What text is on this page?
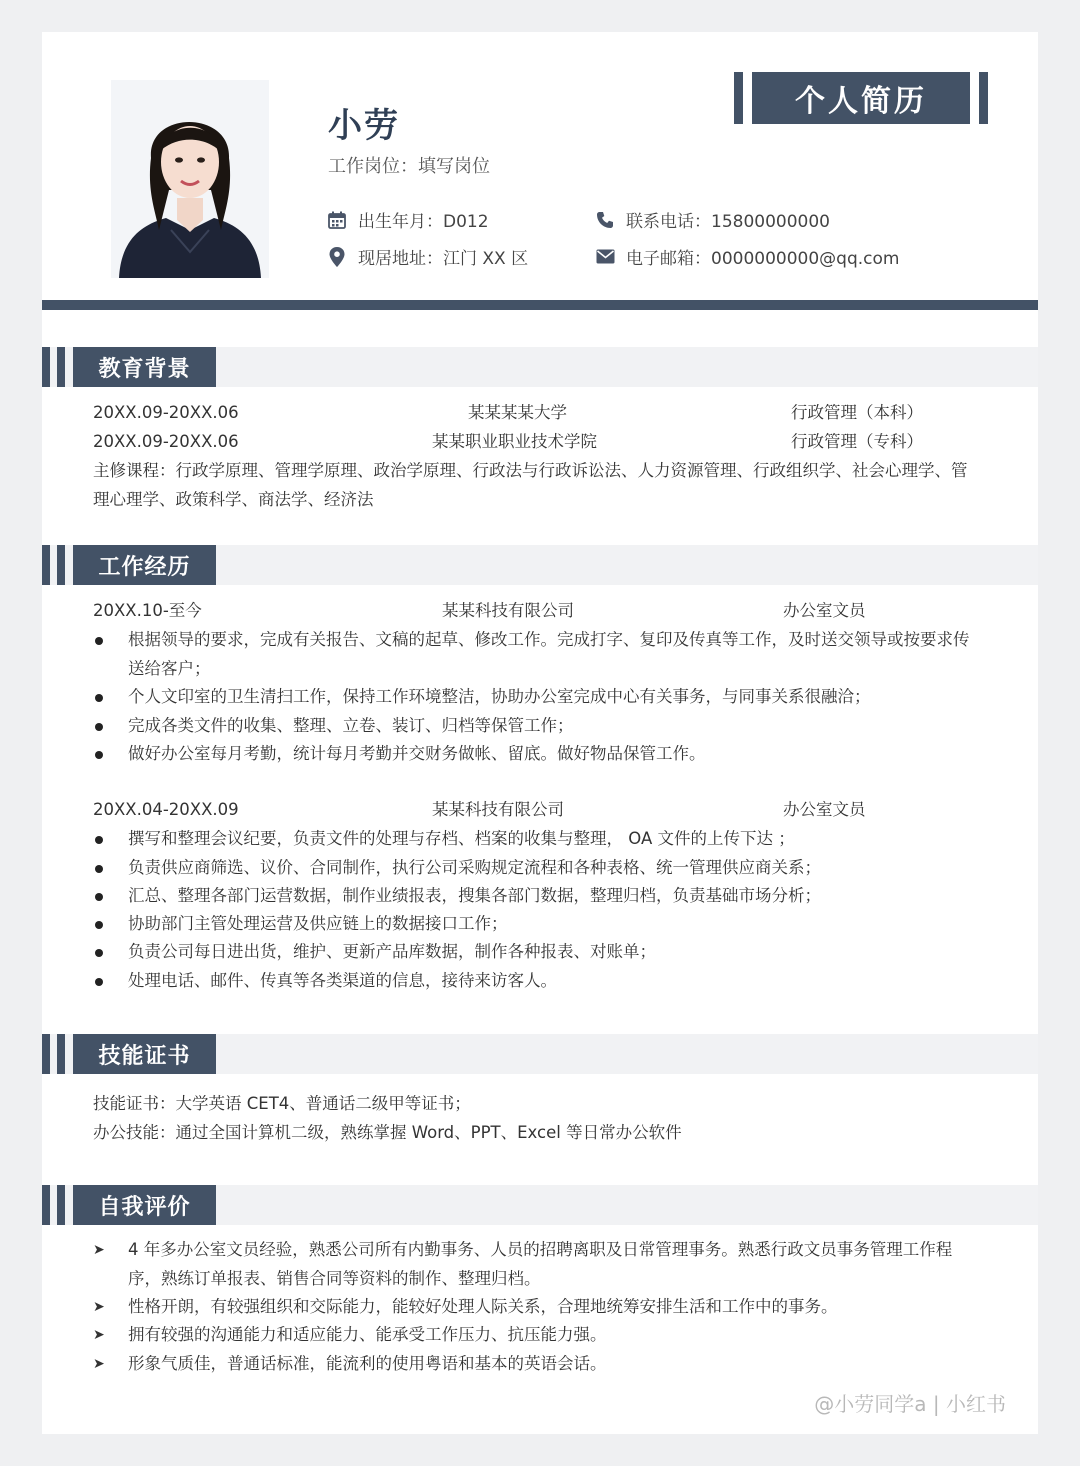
小劳
工作岗位：填写岗位
出生年月：D012
现居地址：江门 XX 区
联系电话：15800000000
电子邮箱：0000000000@qq.com
个人简历
教育背景
20XX.09-20XX.06	某某某某大学	行政管理（本科）
20XX.09-20XX.06	某某职业职业技术学院	行政管理（专科）
主修课程：行政学原理、管理学原理、政治学原理、行政法与行政诉讼法、人力资源管理、行政组织学、社会心理学、管理心理学、政策科学、商法学、经济法
工作经历
20XX.10-至今	某某科技有限公司	办公室文员
根据领导的要求，完成有关报告、文稿的起草、修改工作。完成打字、复印及传真等工作，及时送交领导或按要求传送给客户；
个人文印室的卫生清扫工作，保持工作环境整洁，协助办公室完成中心有关事务，与同事关系很融洽；
完成各类文件的收集、整理、立卷、装订、归档等保管工作；
做好办公室每月考勤，统计每月考勤并交财务做帐、留底。做好物品保管工作。
20XX.04-20XX.09	某某科技有限公司	办公室文员
撰写和整理会议纪要，负责文件的处理与存档、档案的收集与整理， OA 文件的上传下达 ；
负责供应商筛选、议价、合同制作，执行公司采购规定流程和各种表格、统一管理供应商关系；
汇总、整理各部门运营数据，制作业绩报表，搜集各部门数据，整理归档，负责基础市场分析；
协助部门主管处理运营及供应链上的数据接口工作；
负责公司每日进出货，维护、更新产品库数据，制作各种报表、对账单；
处理电话、邮件、传真等各类渠道的信息，接待来访客人。
技能证书
技能证书：大学英语 CET4、普通话二级甲等证书；
办公技能：通过全国计算机二级，熟练掌握 Word、PPT、Excel 等日常办公软件
自我评价
➤ 4 年多办公室文员经验，熟悉公司所有内勤事务、人员的招聘离职及日常管理事务。熟悉行政文员事务管理工作程序，熟练订单报表、销售合同等资料的制作、整理归档。
➤ 性格开朗，有较强组织和交际能力，能较好处理人际关系，合理地统筹安排生活和工作中的事务。
➤ 拥有较强的沟通能力和适应能力、能承受工作压力、抗压能力强。
➤ 形象气质佳，普通话标准，能流利的使用粤语和基本的英语会话。
@小劳同学a | 小红书
